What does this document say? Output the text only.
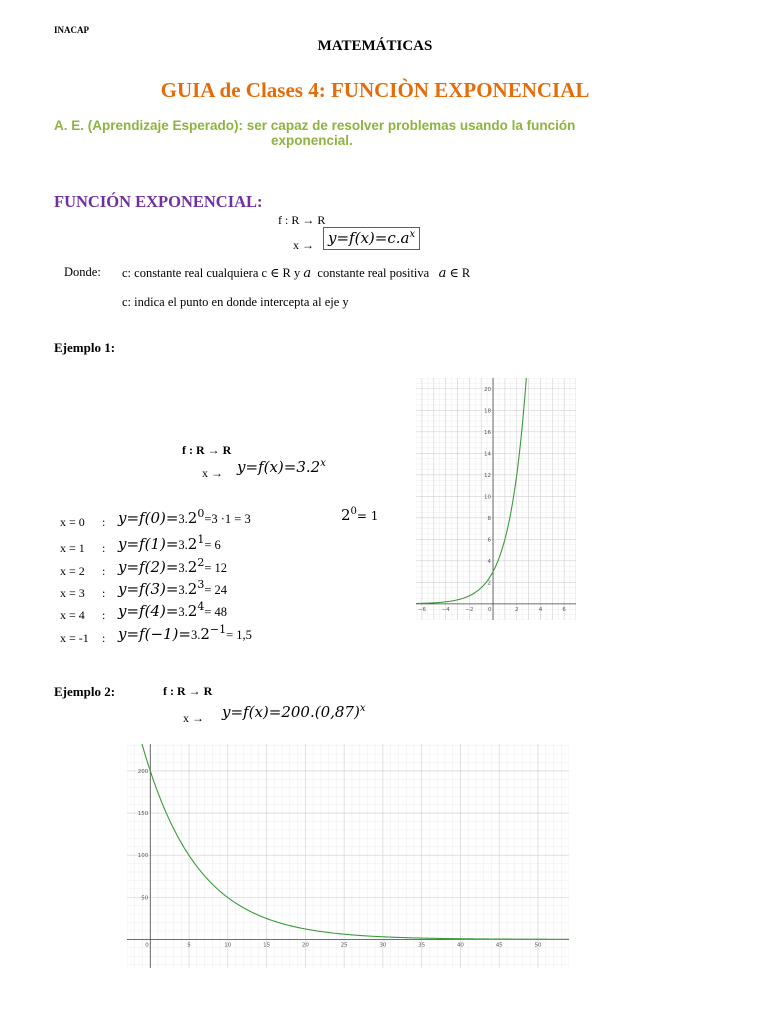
INACAP
MATEMÁTICAS
GUIA de Clases 4: FUNCIÒN EXPONENCIAL
A. E. (Aprendizaje Esperado): ser capaz de resolver problemas usando la función
exponencial.
FUNCIÓN EXPONENCIAL:
f : R → R
$x \to y=f(x)=c.a^x$
Donde: c: constante real cualquiera c ∈ R y a constante real positiva a ∈ R
c: indica el punto en donde intercepta al eje y
Ejemplo 1:
f : R → R
$x \to y=f(x)=3.2^x$
$2^0= 1$
x = 0 : $y=f(0)=3.2^0=3 \cdot 1 = 3$
x = 1 : $y=f(1)=3.2^1= 6$
x = 2 : $y=f(2)=3.2^2= 12$
x = 3 : $y=f(3)=3.2^3= 24$
x = 4 : $y=f(4)=3.2^4= 48$
x = -1 : $y=f(-1)=3.2^{-1}= 1,5$
−6	−4	−2	0	2	4	6
2
4
6
8
10
12
14
16
18
20
Ejemplo 2:	f : R → R
$x \to y=f(x)=200.(0,87)^x$
0	5	10	15	20	25	30	35	40	45	50
50
100
150
200
